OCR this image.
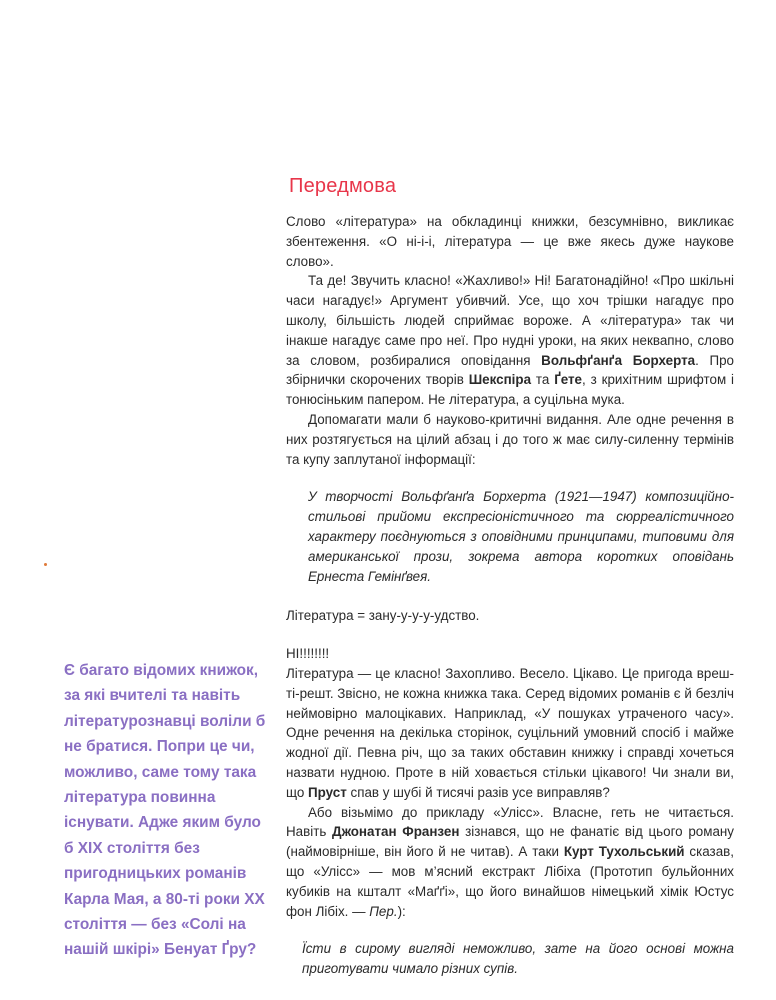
Передмова

Слово «література» на обкладинці книжки, безсумнівно, викликає збентеження. «О ні-і-і, література — це вже якесь дуже наукове слово».

Та де! Звучить класно! «Жахливо!» Ні! Багатонадійно! «Про шкільні часи нагадує!» Аргумент убивчий. Усе, що хоч трішки нагадує про школу, більшість людей сприймає вороже. А «література» так чи інакше нагадує саме про неї. Про нудні уроки, на яких неквапно, слово за словом, розбиралися оповідання Вольфґанґа Борхерта. Про збірнички скорочених творів Шекспіра та Ґете, з крихітним шрифтом і тонюсіньким папером. Не література, а суцільна мука.

Допомагати мали б науково-критичні видання. Але одне речення в них розтягується на цілий абзац і до того ж має силу-силенну термінів та купу заплутаної інформації:

У творчості Вольфґанґа Борхерта (1921—1947) композиційно-стильові прийоми експресіоністичного та сюрреалістичного характеру поєднуються з оповідними принципами, типовими для американської прози, зокрема автора коротких оповідань Ернеста Гемінґвея.

Література = зану-у-у-у-удство.

НІ!!!!!!!!

Література — це класно! Захопливо. Весело. Цікаво. Це пригода врешті-решт. Звісно, не кожна книжка така. Серед відомих романів є й безліч неймовірно малоцікавих. Наприклад, «У пошуках утраченого часу». Одне речення на декілька сторінок, суцільний умовний спосіб і майже жодної дії. Певна річ, що за таких обставин книжку і справді хочеться назвати нудною. Проте в ній ховається стільки цікавого! Чи знали ви, що Пруст спав у шубі й тисячі разів усе виправляв?

Або візьмімо до прикладу «Улісс». Власне, геть не читається. Навіть Джонатан Франзен зізнався, що не фанатіє від цього роману (наймовірніше, він його й не читав). А таки Курт Тухольський сказав, що «Улісс» — мов м’ясний екстракт Лібіха (Прототип бульйонних кубиків на кшталт «Маґґі», що його винайшов німецький хімік Юстус фон Лібіх. — Пер.):

Їсти в сирому вигляді неможливо, зате на його основі можна приготувати чимало різних супів.

Є багато відомих книжок, за які вчителі та навіть літературознавці воліли б не братися. Попри це чи, можливо, саме тому така література повинна існувати. Адже яким було б XIX століття без пригодницьких романів Карла Мая, а 80-ті роки XX століття — без «Солі на нашій шкірі» Бенуат Ґру?
